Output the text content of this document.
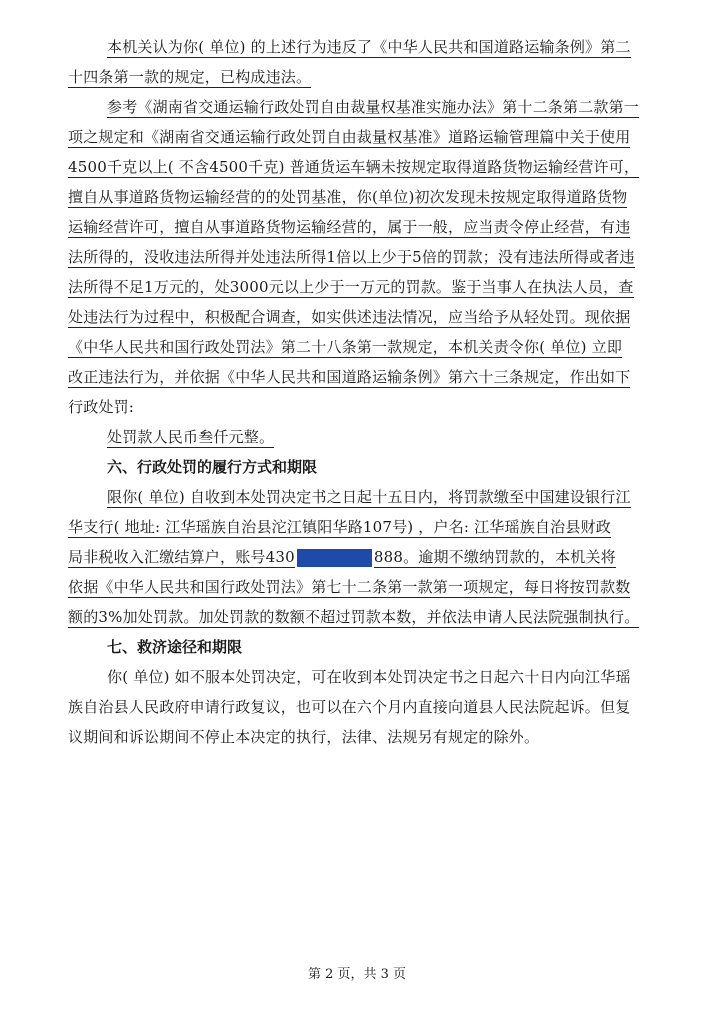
本机关认为你( 单位) 的上述行为违反了《中华人民共和国道路运输条例》第二
十四条第一款的规定，已构成违法。
参考《湖南省交通运输行政处罚自由裁量权基准实施办法》第十二条第二款第一
项之规定和《湖南省交通运输行政处罚自由裁量权基准》道路运输管理篇中关于使用
4500千克以上( 不含4500千克) 普通货运车辆未按规定取得道路货物运输经营许可，
擅自从事道路货物运输经营的的处罚基准，你(单位)初次发现未按规定取得道路货物
运输经营许可，擅自从事道路货物运输经营的，属于一般，应当责令停止经营，有违
法所得的，没收违法所得并处违法所得1倍以上少于5倍的罚款；没有违法所得或者违
法所得不足1万元的，处3000元以上少于一万元的罚款。鉴于当事人在执法人员，查
处违法行为过程中，积极配合调查，如实供述违法情况，应当给予从轻处罚。现依据
《中华人民共和国行政处罚法》第二十八条第一款规定，本机关责令你( 单位) 立即
改正违法行为，并依据《中华人民共和国道路运输条例》第六十三条规定，作出如下
行政处罚:
处罚款人民币叁仟元整。
六、行政处罚的履行方式和期限
限你( 单位) 自收到本处罚决定书之日起十五日内，将罚款缴至中国建设银行江
华支行( 地址: 江华瑶族自治县沱江镇阳华路107号) ，户名: 江华瑶族自治县财政
局非税收入汇缴结算户，账号430	888。逾期不缴纳罚款的，本机关将
依据《中华人民共和国行政处罚法》第七十二条第一款第一项规定，每日将按罚款数
额的3%加处罚款。加处罚款的数额不超过罚款本数，并依法申请人民法院强制执行。
七、救济途径和期限
你( 单位) 如不服本处罚决定，可在收到本处罚决定书之日起六十日内向江华瑶
族自治县人民政府申请行政复议，也可以在六个月内直接向道县人民法院起诉。但复
议期间和诉讼期间不停止本决定的执行，法律、法规另有规定的除外。
第 2 页，共 3 页
